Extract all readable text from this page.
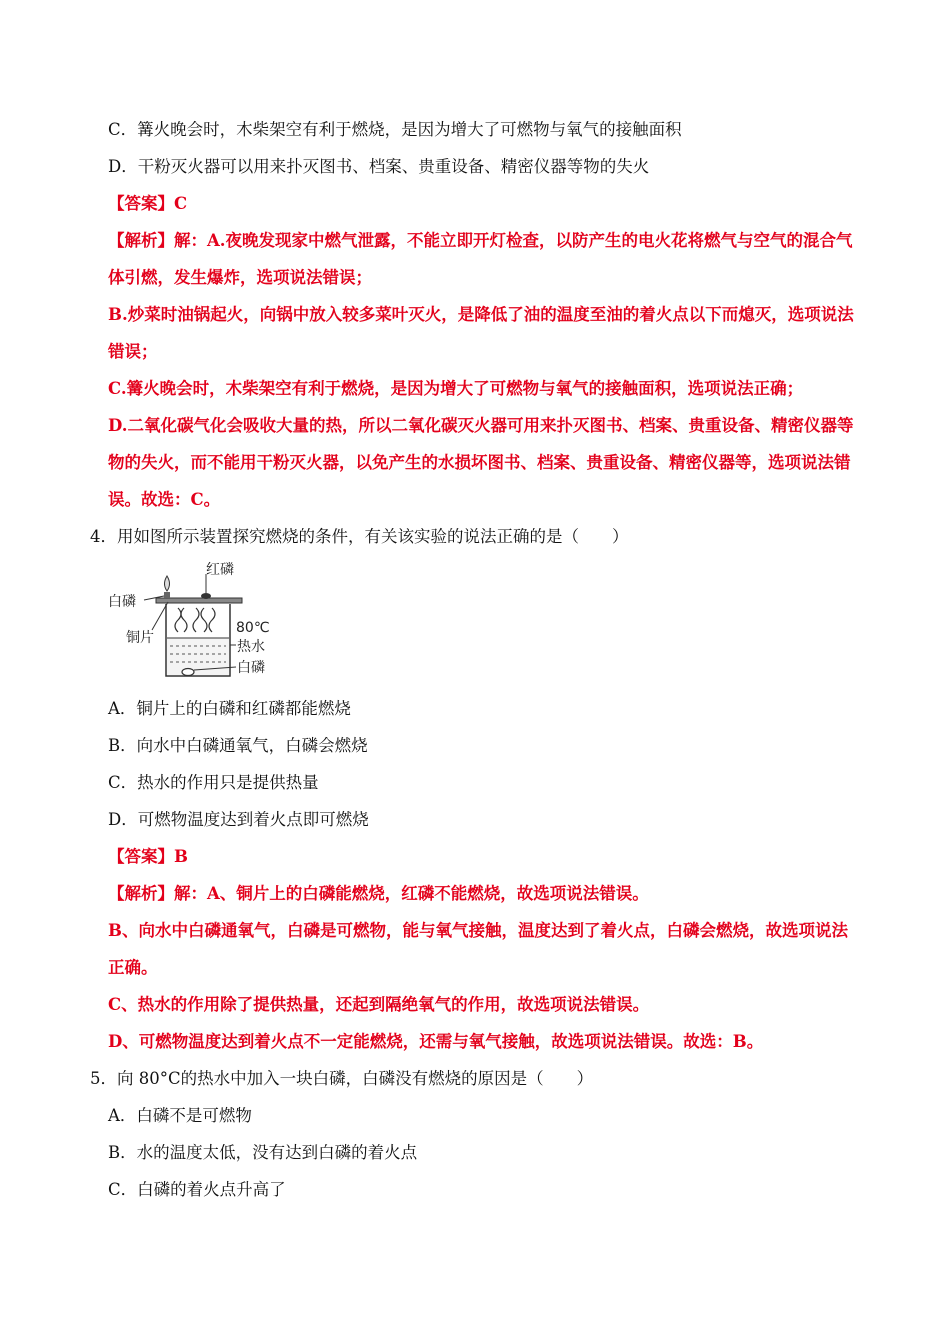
C．篝火晚会时，木柴架空有利于燃烧，是因为增大了可燃物与氧气的接触面积
D．干粉灭火器可以用来扑灭图书、档案、贵重设备、精密仪器等物的失火
【答案】C
【解析】解：A.夜晚发现家中燃气泄露，不能立即开灯检查，以防产生的电火花将燃气与空气的混合气
体引燃，发生爆炸，选项说法错误；
B.炒菜时油锅起火，向锅中放入较多菜叶灭火，是降低了油的温度至油的着火点以下而熄灭，选项说法
错误；
C.篝火晚会时，木柴架空有利于燃烧，是因为增大了可燃物与氧气的接触面积，选项说法正确；
D.二氧化碳气化会吸收大量的热，所以二氧化碳灭火器可用来扑灭图书、档案、贵重设备、精密仪器等
物的失火，而不能用干粉灭火器，以免产生的水损坏图书、档案、贵重设备、精密仪器等，选项说法错
误。故选：C。
4．用如图所示装置探究燃烧的条件，有关该实验的说法正确的是（　　）
白磷
红磷
铜片
80℃
热水
白磷
A．铜片上的白磷和红磷都能燃烧
B．向水中白磷通氧气，白磷会燃烧
C．热水的作用只是提供热量
D．可燃物温度达到着火点即可燃烧
【答案】B
【解析】解：A、铜片上的白磷能燃烧，红磷不能燃烧，故选项说法错误。
B、向水中白磷通氧气，白磷是可燃物，能与氧气接触，温度达到了着火点，白磷会燃烧，故选项说法
正确。
C、热水的作用除了提供热量，还起到隔绝氧气的作用，故选项说法错误。
D、可燃物温度达到着火点不一定能燃烧，还需与氧气接触，故选项说法错误。故选：B。
5．向 80°C的热水中加入一块白磷，白磷没有燃烧的原因是（　　）
A．白磷不是可燃物
B．水的温度太低，没有达到白磷的着火点
C．白磷的着火点升高了
